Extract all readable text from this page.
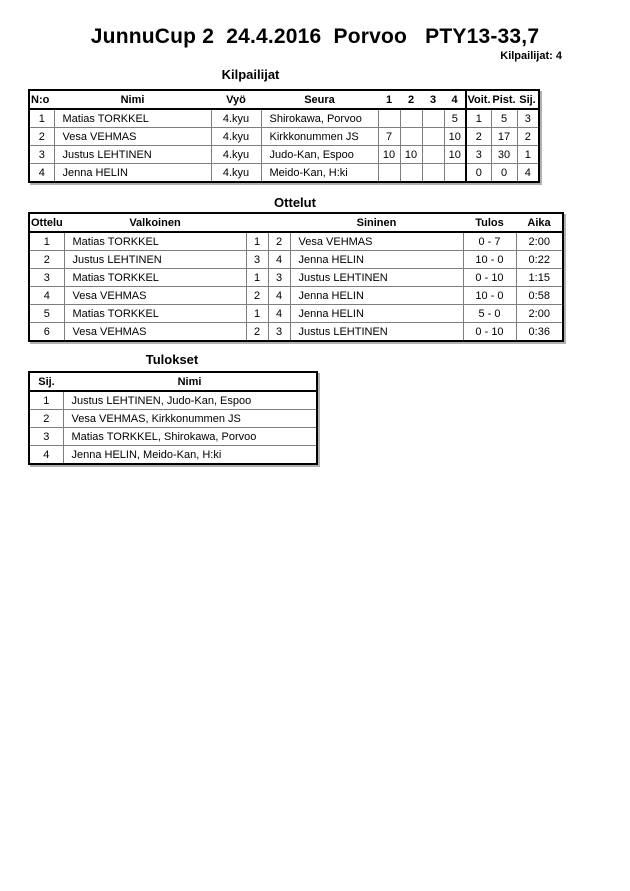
JunnuCup 2  24.4.2016  Porvoo   PTY13-33,7
Kilpailijat: 4
Kilpailijat
N:o	Nimi	Vyö	Seura	1	2	3	4	Voit.	Pist.	Sij.
1	Matias TORKKEL	4.kyu	Shirokawa, Porvoo				5	1	5	3
2	Vesa VEHMAS	4.kyu	Kirkkonummen JS	7			10	2	17	2
3	Justus LEHTINEN	4.kyu	Judo-Kan, Espoo	10	10		10	3	30	1
4	Jenna HELIN	4.kyu	Meido-Kan, H:ki					0	0	4
Ottelut
Ottelu	Valkoinen			Sininen	Tulos	Aika
1	Matias TORKKEL	1	2	Vesa VEHMAS	0 - 7	2:00
2	Justus LEHTINEN	3	4	Jenna HELIN	10 - 0	0:22
3	Matias TORKKEL	1	3	Justus LEHTINEN	0 - 10	1:15
4	Vesa VEHMAS	2	4	Jenna HELIN	10 - 0	0:58
5	Matias TORKKEL	1	4	Jenna HELIN	5 - 0	2:00
6	Vesa VEHMAS	2	3	Justus LEHTINEN	0 - 10	0:36
Tulokset
Sij.	Nimi
1	Justus LEHTINEN, Judo-Kan, Espoo
2	Vesa VEHMAS, Kirkkonummen JS
3	Matias TORKKEL, Shirokawa, Porvoo
4	Jenna HELIN, Meido-Kan, H:ki
